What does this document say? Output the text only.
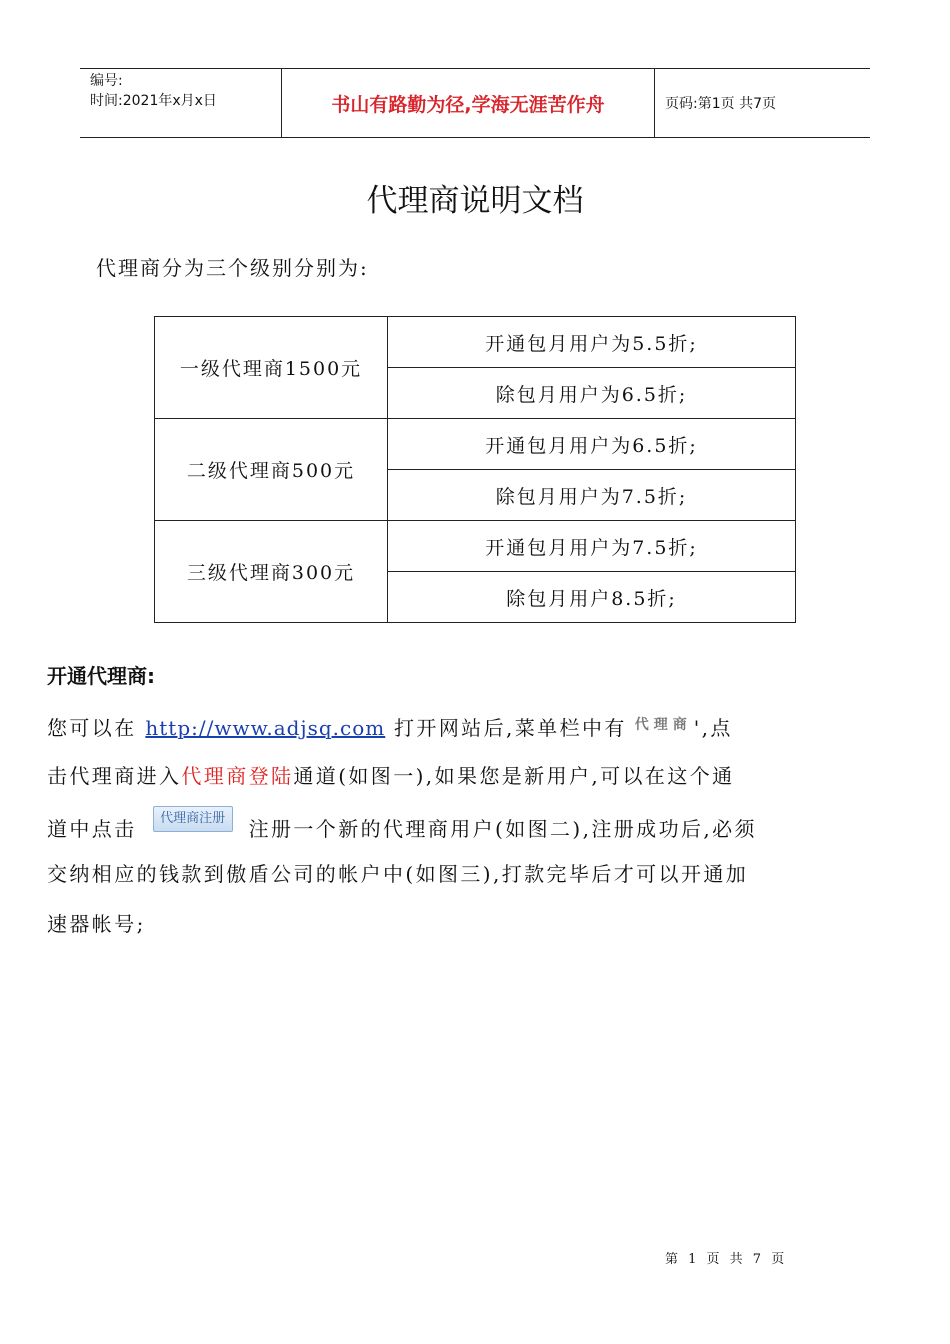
编号:
时间:2021年x月x日	书山有路勤为径,学海无涯苦作舟	页码:第1页 共7页
代理商说明文档
代理商分为三个级别分别为:
一级代理商1500元	开通包月用户为5.5折;
	除包月用户为6.5折;
二级代理商500元	开通包月用户为6.5折;
	除包月用户为7.5折;
三级代理商300元	开通包月用户为7.5折;
	除包月用户8.5折;
开通代理商:
您可以在 http://www.adjsq.com 打开网站后,菜单栏中有 代理商 ',点
击代理商进入代理商登陆通道(如图一),如果您是新用户,可以在这个通
道中点击 代理商注册 注册一个新的代理商用户(如图二),注册成功后,必须
交纳相应的钱款到傲盾公司的帐户中(如图三),打款完毕后才可以开通加
速器帐号;
第 1 页 共 7 页
